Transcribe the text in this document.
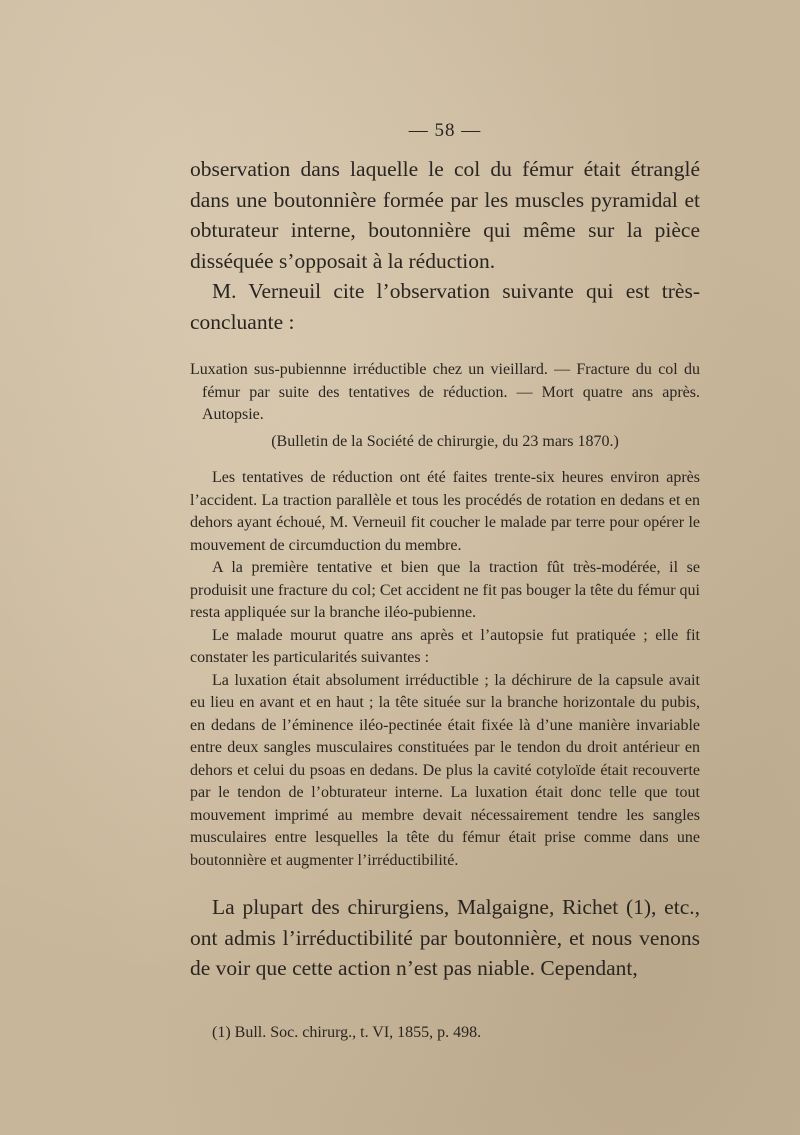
— 58 —

observation dans laquelle le col du fémur était étranglé dans une boutonnière formée par les muscles pyramidal et obturateur interne, boutonnière qui même sur la pièce disséquée s’opposait à la réduction.

M. Verneuil cite l’observation suivante qui est très-concluante :

Luxation sus-pubiennne irréductible chez un vieillard. — Fracture du col du fémur par suite des tentatives de réduction. — Mort quatre ans après. Autopsie.

(Bulletin de la Société de chirurgie, du 23 mars 1870.)

Les tentatives de réduction ont été faites trente-six heures environ après l’accident. La traction parallèle et tous les procédés de rotation en dedans et en dehors ayant échoué, M. Verneuil fit coucher le malade par terre pour opérer le mouvement de circumduction du membre.

A la première tentative et bien que la traction fût très-modérée, il se produisit une fracture du col; Cet accident ne fit pas bouger la tête du fémur qui resta appliquée sur la branche iléo-pubienne.

Le malade mourut quatre ans après et l’autopsie fut pratiquée ; elle fit constater les particularités suivantes :

La luxation était absolument irréductible ; la déchirure de la capsule avait eu lieu en avant et en haut ; la tête située sur la branche horizontale du pubis, en dedans de l’éminence iléo-pectinée était fixée là d’une manière invariable entre deux sangles musculaires constituées par le tendon du droit antérieur en dehors et celui du psoas en dedans. De plus la cavité cotyloïde était recouverte par le tendon de l’obturateur interne. La luxation était donc telle que tout mouvement imprimé au membre devait nécessairement tendre les sangles musculaires entre lesquelles la tête du fémur était prise comme dans une boutonnière et augmenter l’irréductibilité.

La plupart des chirurgiens, Malgaigne, Richet (1), etc., ont admis l’irréductibilité par boutonnière, et nous venons de voir que cette action n’est pas niable. Cependant,

(1) Bull. Soc. chirurg., t. VI, 1855, p. 498.
